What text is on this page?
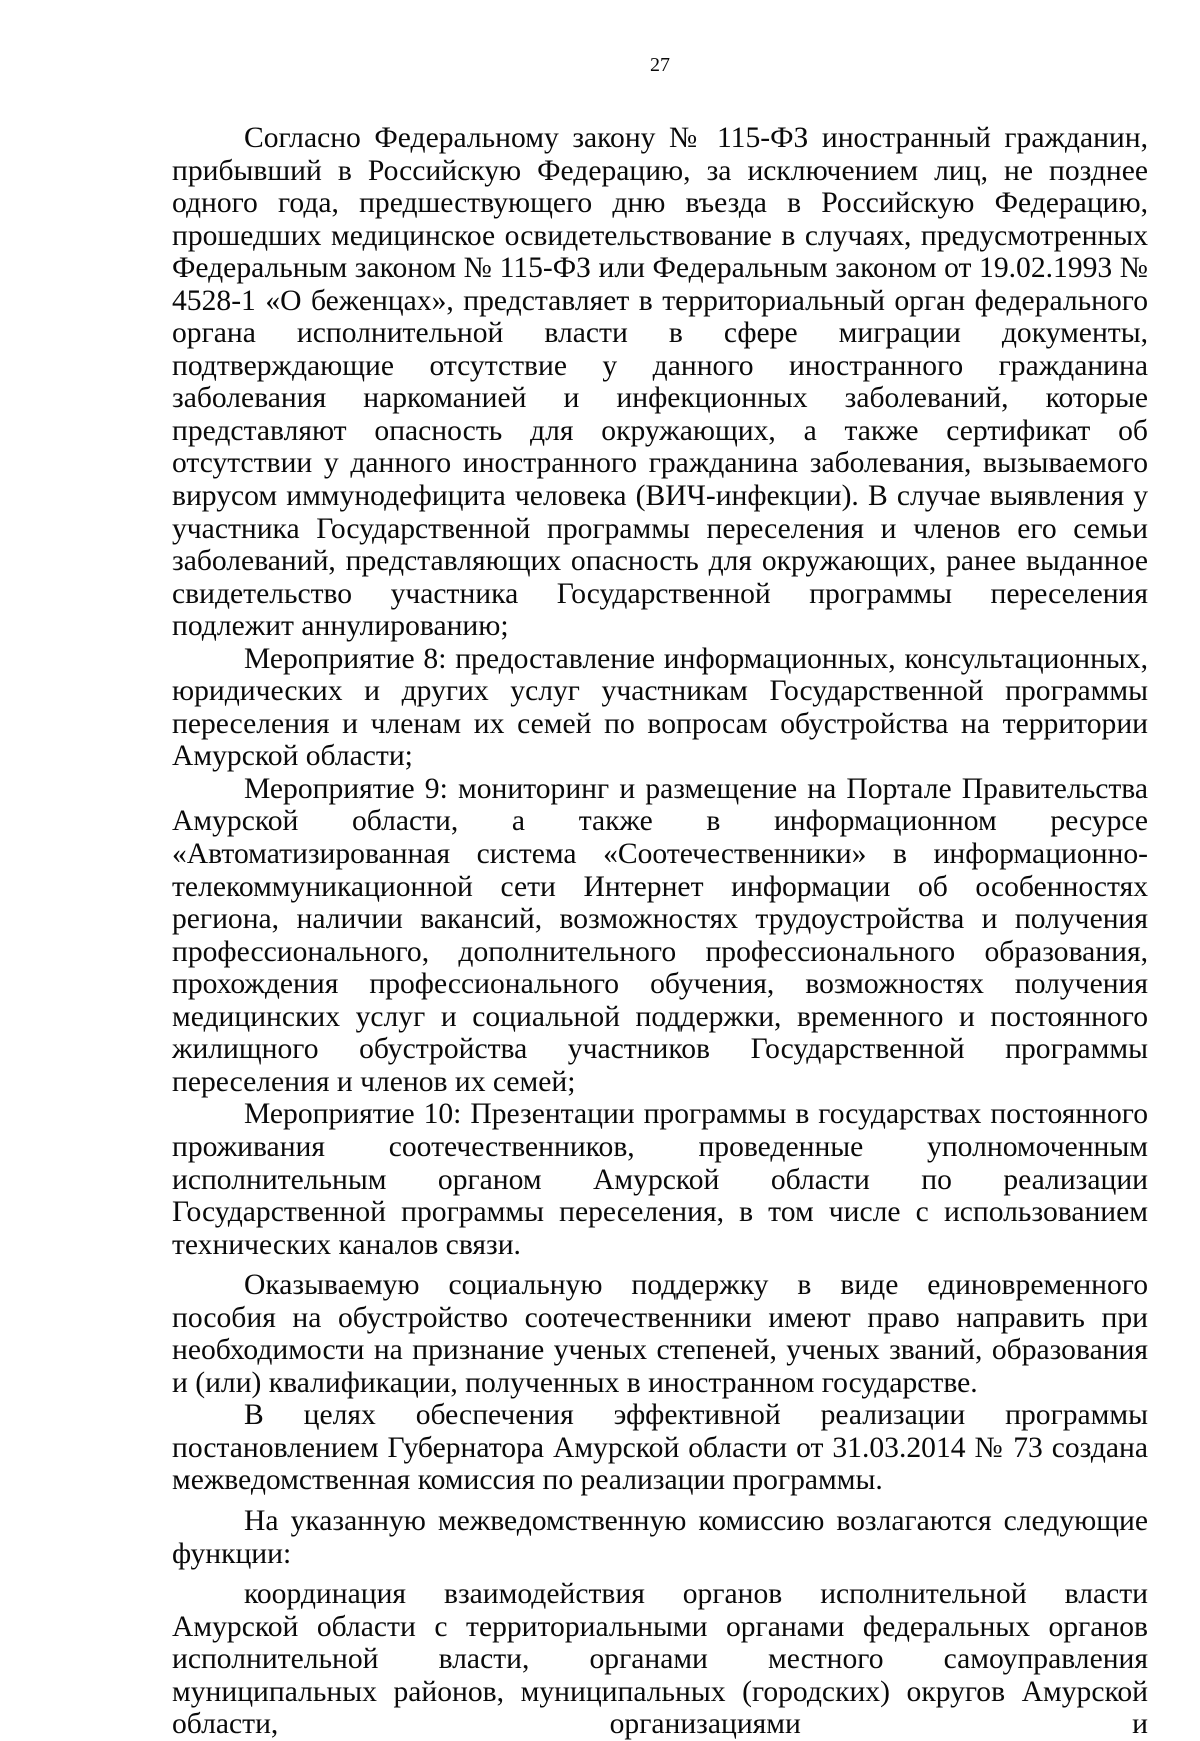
27

Согласно Федеральному закону № 115-ФЗ иностранный гражданин, прибывший в Российскую Федерацию, за исключением лиц, не позднее одного года, предшествующего дню въезда в Российскую Федерацию, прошедших медицинское освидетельствование в случаях, предусмотренных Федеральным законом № 115-ФЗ или Федеральным законом от 19.02.1993 № 4528-1 «О беженцах», представляет в территориальный орган федерального органа исполнительной власти в сфере миграции документы, подтверждающие отсутствие у данного иностранного гражданина заболевания наркоманией и инфекционных заболеваний, которые представляют опасность для окружающих, а также сертификат об отсутствии у данного иностранного гражданина заболевания, вызываемого вирусом иммунодефицита человека (ВИЧ-инфекции). В случае выявления у участника Государственной программы переселения и членов его семьи заболеваний, представляющих опасность для окружающих, ранее выданное свидетельство участника Государственной программы переселения подлежит аннулированию;

Мероприятие 8: предоставление информационных, консультационных, юридических и других услуг участникам Государственной программы переселения и членам их семей по вопросам обустройства на территории Амурской области;

Мероприятие 9: мониторинг и размещение на Портале Правительства Амурской области, а также в информационном ресурсе «Автоматизированная система «Соотечественники» в информационно-телекоммуникационной сети Интернет информации об особенностях региона, наличии вакансий, возможностях трудоустройства и получения профессионального, дополнительного профессионального образования, прохождения профессионального обучения, возможностях получения медицинских услуг и социальной поддержки, временного и постоянного жилищного обустройства участников Государственной программы переселения и членов их семей;

Мероприятие 10: Презентации программы в государствах постоянного проживания соотечественников, проведенные уполномоченным исполнительным органом Амурской области по реализации Государственной программы переселения, в том числе с использованием технических каналов связи.

Оказываемую социальную поддержку в виде единовременного пособия на обустройство соотечественники имеют право направить при необходимости на признание ученых степеней, ученых званий, образования и (или) квалификации, полученных в иностранном государстве.

В целях обеспечения эффективной реализации программы постановлением Губернатора Амурской области от 31.03.2014 № 73 создана межведомственная комиссия по реализации программы.

На указанную межведомственную комиссию возлагаются следующие функции:

координация взаимодействия органов исполнительной власти Амурской области с территориальными органами федеральных органов исполнительной власти, органами местного самоуправления муниципальных районов, муниципальных (городских) округов Амурской области, организациями и
